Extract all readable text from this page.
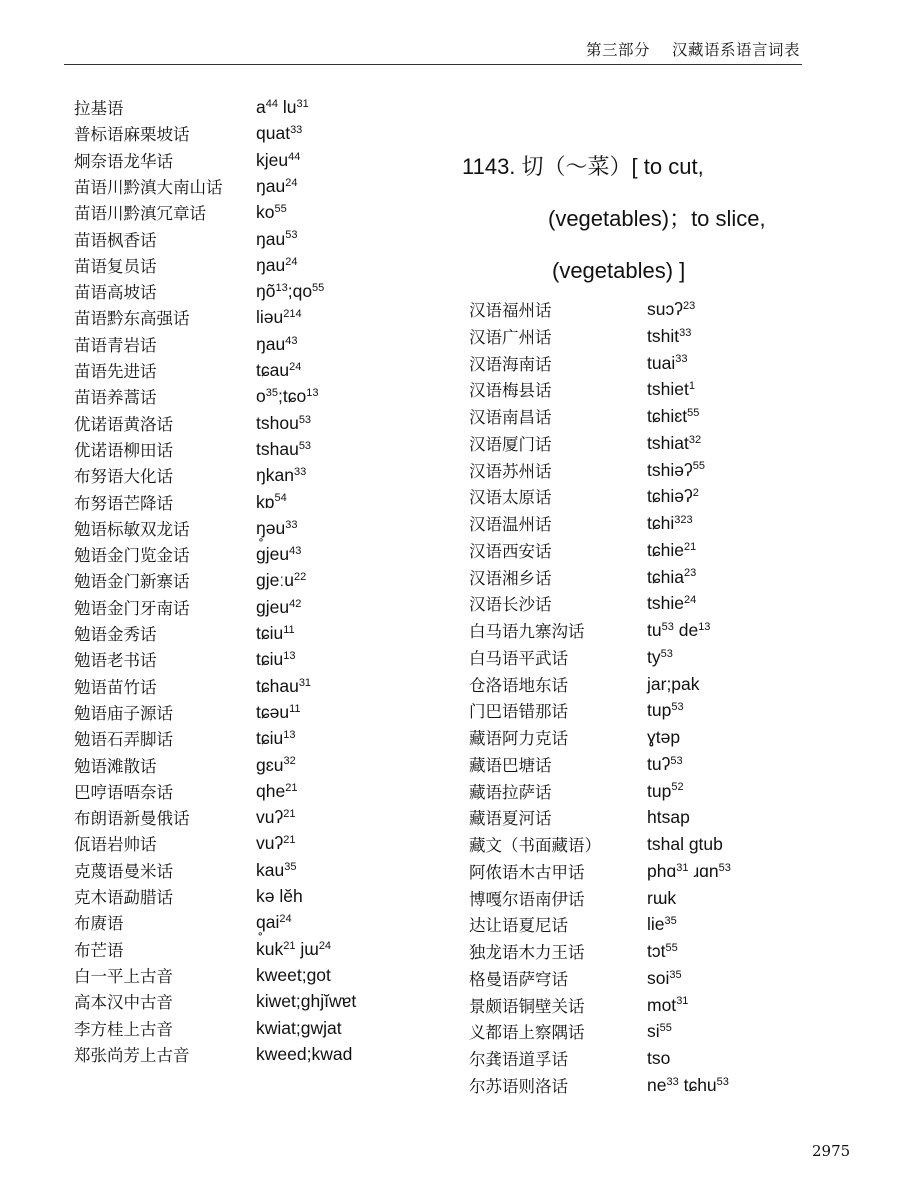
第三部分 汉藏语系语言词表
拉基语	$a^{44}$ $lu^{31}$
普标语麻栗坡话	quat$^{33}$
炯奈语龙华话	kjeu$^{44}$
苗语川黔滇大南山话 ŋau$^{24}$
苗语川黔滇冗章话	$ko^{55}$
苗语枫香话	ŋau$^{53}$
苗语复员话	ŋau$^{24}$
苗语高坡话	$ŋõ^{13};qo^{55}$
苗语黔东高强话	liəu$^{214}$
苗语青岩话	ŋau$^{43}$
苗语先进话	tɕau$^{24}$
苗语养蒿话	$o^{35};tɕo^{13}$
优诺语黄洛话	tshou$^{53}$
优诺语柳田话	tshau$^{53}$
布努语大化话	ŋkan$^{33}$
布努语芒降话	kɒ$^{54}$
勉语标敏双龙话	ŋ̥əu$^{33}$
勉语金门览金话	gjeu$^{43}$
勉语金门新寨话	gjeːu$^{22}$
勉语金门牙南话	gjeu$^{42}$
勉语金秀话	tɕiu$^{11}$
勉语老书话	tɕiu$^{13}$
勉语苗竹话	tɕhau$^{31}$
勉语庙子源话	tɕəu$^{11}$
勉语石弄脚话	tɕiu$^{13}$
勉语滩散话	gɛu$^{32}$
巴哼语唔奈话	qhe$^{21}$
布朗语新曼俄话	vuʔ$^{21}$
佤语岩帅话	vuʔ$^{21}$
克蔑语曼米话	kau$^{35}$
克木语勐腊话	kə lĕh
布赓语	$q̥ai^{24}$
布芒语	kuk$^{21}$ jɯ$^{24}$
白一平上古音	kweet;got
高本汉中古音	kiwet;ghjĭwɐt
李方桂上古音	kwiat;gwjat
郑张尚芳上古音	kweed;kwad
1143. 切（～菜）[ to cut,
(vegetables)；to slice,
(vegetables) ]
汉语福州话	suɔʔ$^{23}$
汉语广州话	tshit$^{33}$
汉语海南话	tuai$^{33}$
汉语梅县话	tshiet$^1$
汉语南昌话	tɕhiɛt$^{55}$
汉语厦门话	tshiat$^{32}$
汉语苏州话	tshiəʔ$^{55}$
汉语太原话	tɕhiəʔ$^2$
汉语温州话	tɕhi$^{323}$
汉语西安话	tɕhie$^{21}$
汉语湘乡话	tɕhia$^{23}$
汉语长沙话	tshie$^{24}$
白马语九寨沟话	$tu^{53}$ $de^{13}$
白马语平武话	$ty^{53}$
仓洛语地东话	jar;pak
门巴语错那话	tup$^{53}$
藏语阿力克话	ɣtəp
藏语巴塘话	tuʔ$^{53}$
藏语拉萨话	tup$^{52}$
藏语夏河话	htsap
藏文（书面藏语）	tshal gtub
阿侬语木古甲话	phɑ$^{31}$ ɹɑn$^{53}$
博嘎尔语南伊话	rɯk
达让语夏尼话	lie$^{35}$
独龙语木力王话	tɔt$^{55}$
格曼语萨穹话	soi$^{35}$
景颇语铜壁关话	mot$^{31}$
义都语上察隅话	$si^{55}$
尔龚语道孚话	tso
尔苏语则洛话	$ne^{33}$ tɕhu$^{53}$
2975
